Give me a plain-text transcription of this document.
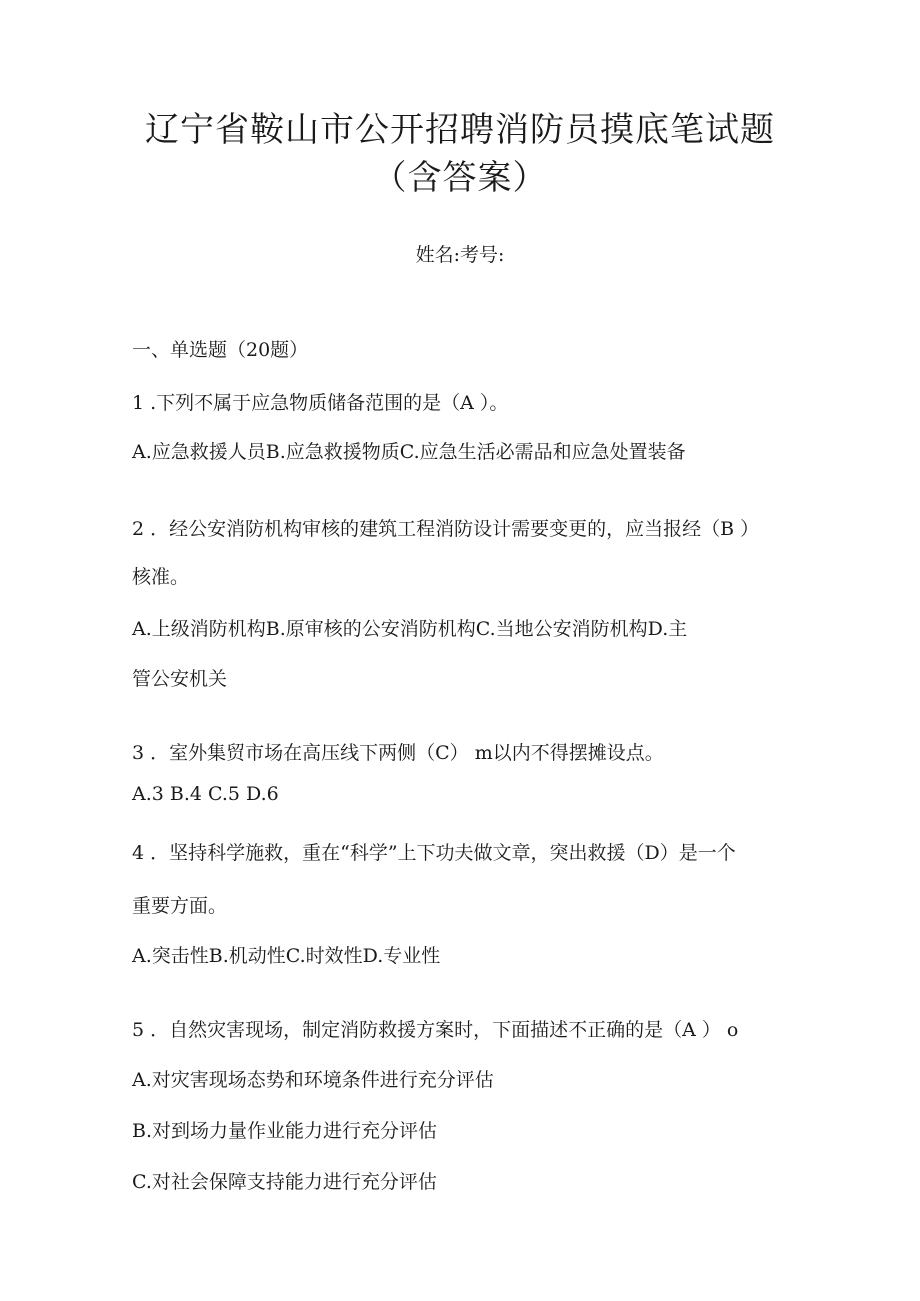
辽宁省鞍山市公开招聘消防员摸底笔试题
（含答案）
姓名:考号:
一、单选题（20题）
1 .下列不属于应急物质储备范围的是（A ）。
A.应急救援人员B.应急救援物质C.应急生活必需品和应急处置装备
2 ．经公安消防机构审核的建筑工程消防设计需要变更的，应当报经（B ）
核准。
A.上级消防机构B.原审核的公安消防机构C.当地公安消防机构D.主
管公安机关
3 ．室外集贸市场在高压线下两侧（C） m以内不得摆摊设点。
A.3 B.4 C.5 D.6
4 ．坚持科学施救，重在“科学”上下功夫做文章，突出救援（D）是一个
重要方面。
A.突击性B.机动性C.时效性D.专业性
5 ．自然灾害现场，制定消防救援方案时，下面描述不正确的是（A ） o
A.对灾害现场态势和环境条件进行充分评估
B.对到场力量作业能力进行充分评估
C.对社会保障支持能力进行充分评估
